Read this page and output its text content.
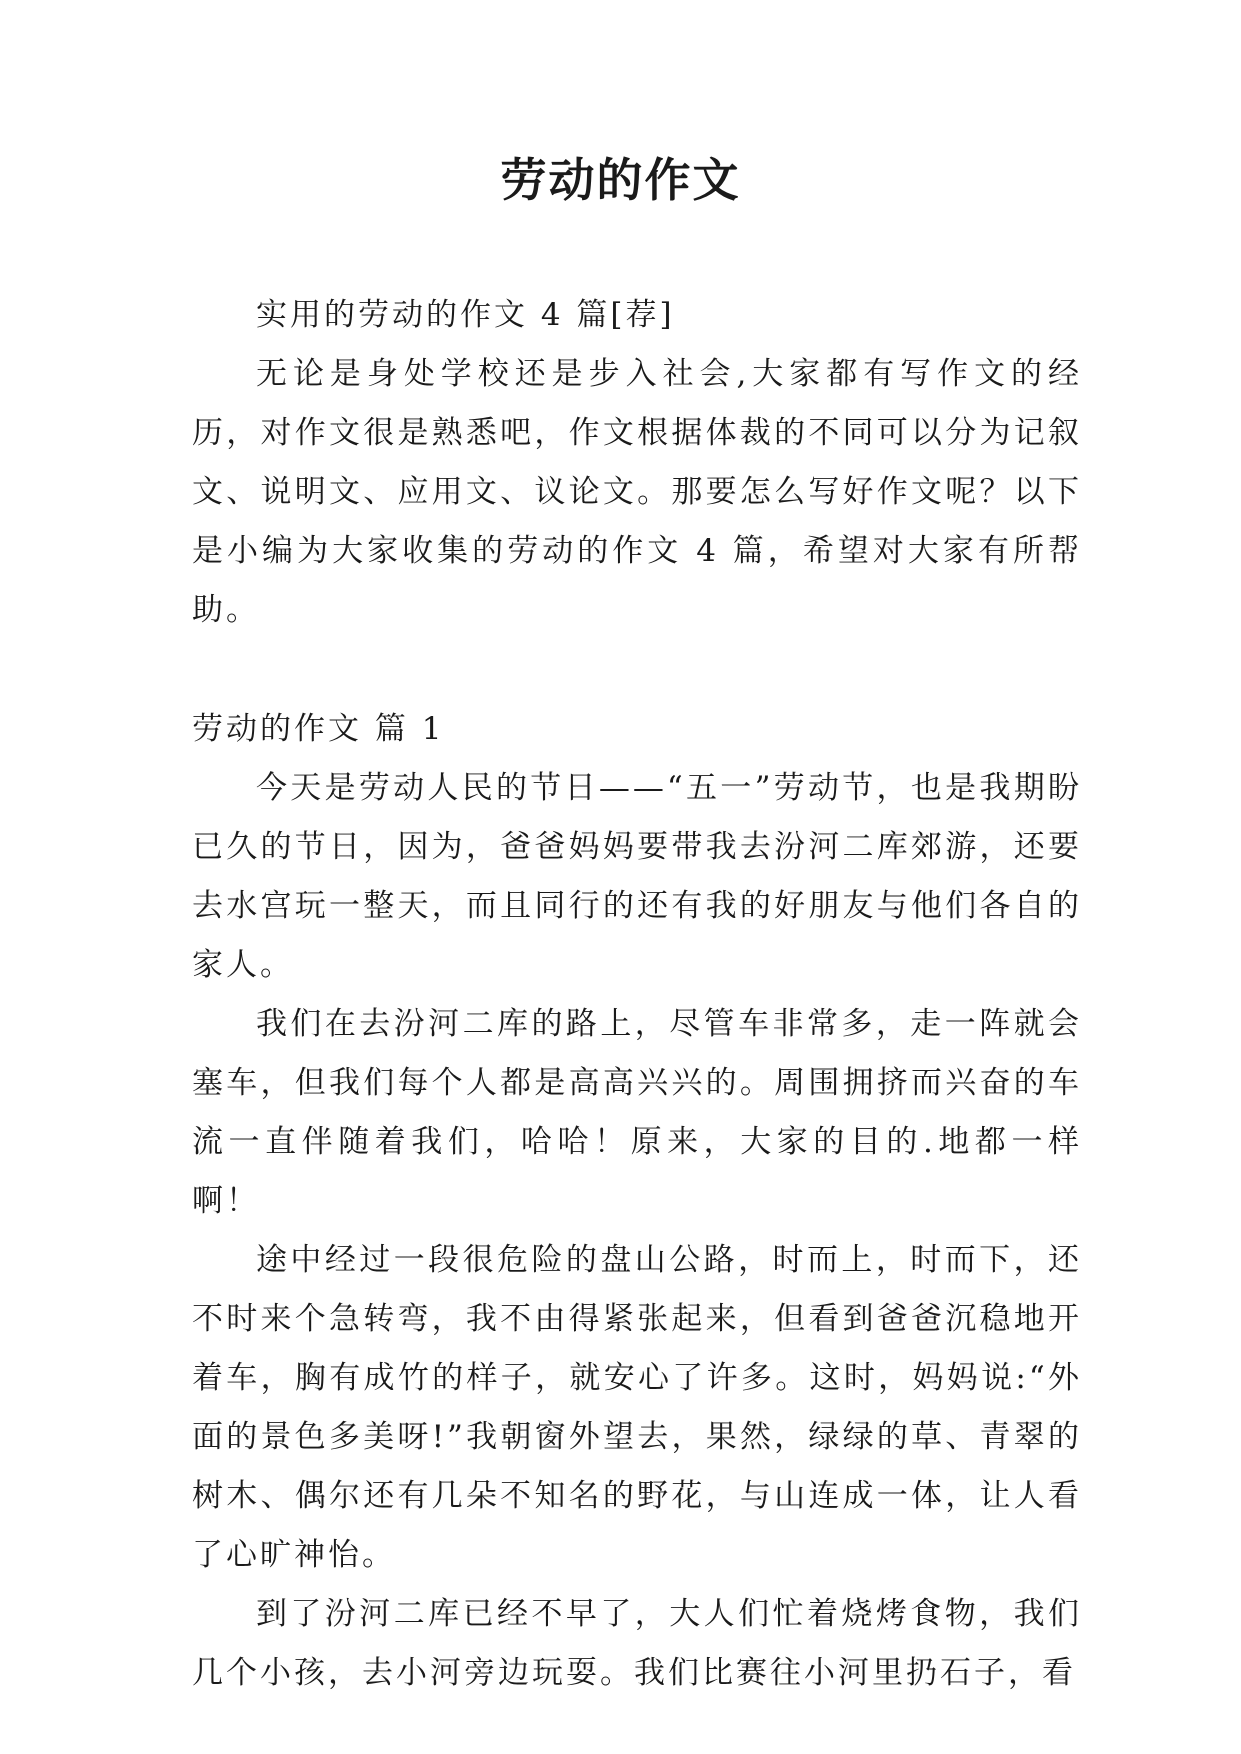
劳动的作文

实用的劳动的作文 4 篇[荐]

无论是身处学校还是步入社会,大家都有写作文的经历，对作文很是熟悉吧，作文根据体裁的不同可以分为记叙文、说明文、应用文、议论文。那要怎么写好作文呢？以下是小编为大家收集的劳动的作文 4 篇，希望对大家有所帮助。

劳动的作文 篇 1

今天是劳动人民的节日——“五一”劳动节，也是我期盼已久的节日，因为，爸爸妈妈要带我去汾河二库郊游，还要去水宫玩一整天，而且同行的还有我的好朋友与他们各自的家人。

我们在去汾河二库的路上，尽管车非常多，走一阵就会塞车，但我们每个人都是高高兴兴的。周围拥挤而兴奋的车流一直伴随着我们，哈哈！原来，大家的目的.地都一样啊！

途中经过一段很危险的盘山公路，时而上，时而下，还不时来个急转弯，我不由得紧张起来，但看到爸爸沉稳地开着车，胸有成竹的样子，就安心了许多。这时，妈妈说:“外面的景色多美呀!”我朝窗外望去，果然，绿绿的草、青翠的树木、偶尔还有几朵不知名的野花，与山连成一体，让人看了心旷神怡。

到了汾河二库已经不早了，大人们忙着烧烤食物，我们几个小孩，去小河旁边玩耍。我们比赛往小河里扔石子，看
